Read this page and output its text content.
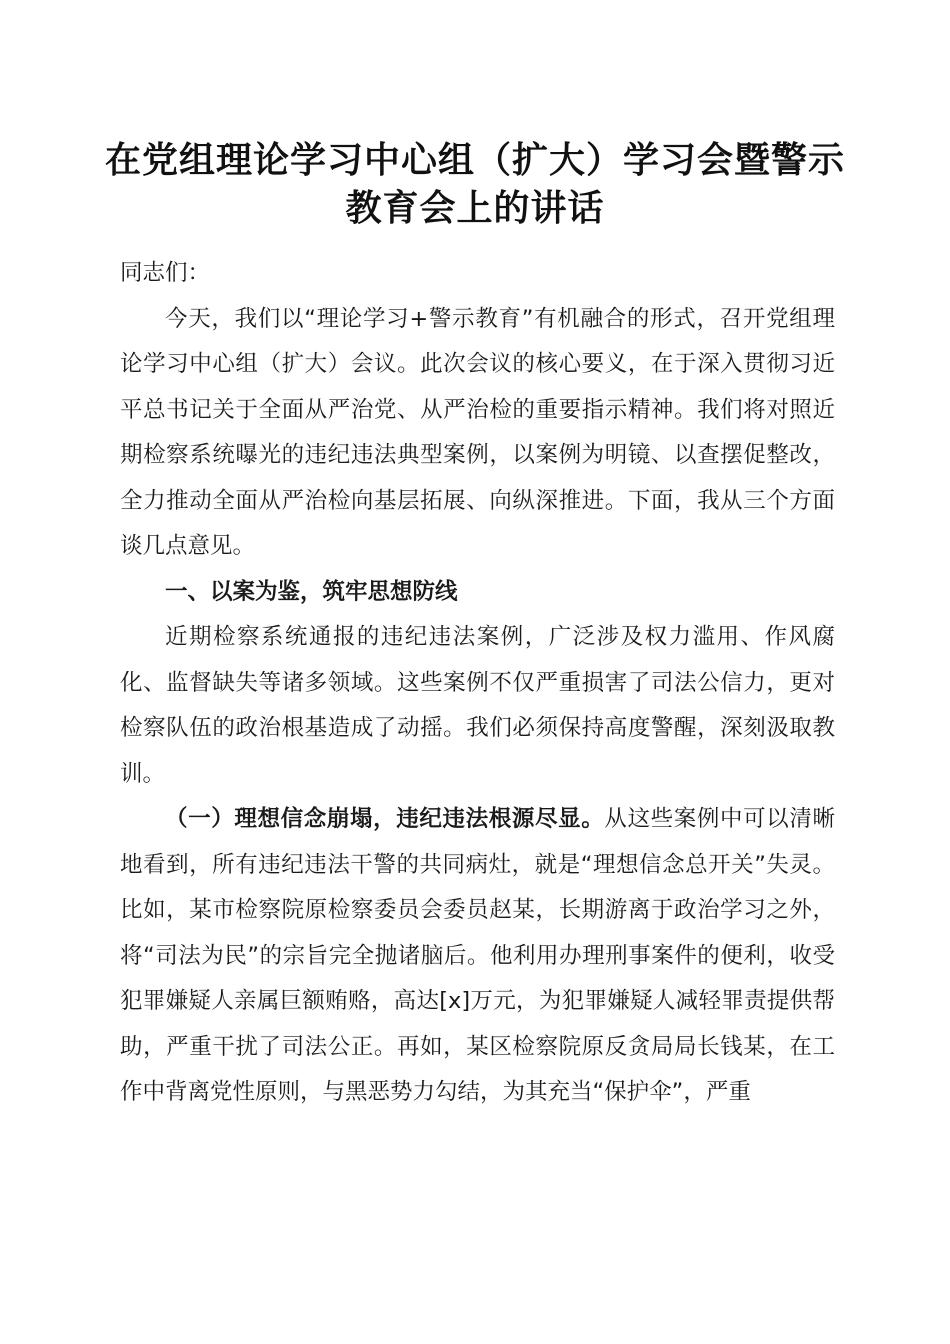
在党组理论学习中心组（扩大）学习会暨警示
教育会上的讲话

同志们：

今天，我们以“理论学习+警示教育”有机融合的形式，召开党组理论学习中心组（扩大）会议。此次会议的核心要义，在于深入贯彻习近平总书记关于全面从严治党、从严治检的重要指示精神。我们将对照近期检察系统曝光的违纪违法典型案例，以案例为明镜、以查摆促整改，全力推动全面从严治检向基层拓展、向纵深推进。下面，我从三个方面谈几点意见。

一、以案为鉴，筑牢思想防线

近期检察系统通报的违纪违法案例，广泛涉及权力滥用、作风腐化、监督缺失等诸多领域。这些案例不仅严重损害了司法公信力，更对检察队伍的政治根基造成了动摇。我们必须保持高度警醒，深刻汲取教训。

（一）理想信念崩塌，违纪违法根源尽显。从这些案例中可以清晰地看到，所有违纪违法干警的共同病灶，就是“理想信念总开关”失灵。比如，某市检察院原检察委员会委员赵某，长期游离于政治学习之外，将“司法为民”的宗旨完全抛诸脑后。他利用办理刑事案件的便利，收受犯罪嫌疑人亲属巨额贿赂，高达[x]万元，为犯罪嫌疑人减轻罪责提供帮助，严重干扰了司法公正。再如，某区检察院原反贪局局长钱某，在工作中背离党性原则，与黑恶势力勾结，为其充当“保护伞”，严重
